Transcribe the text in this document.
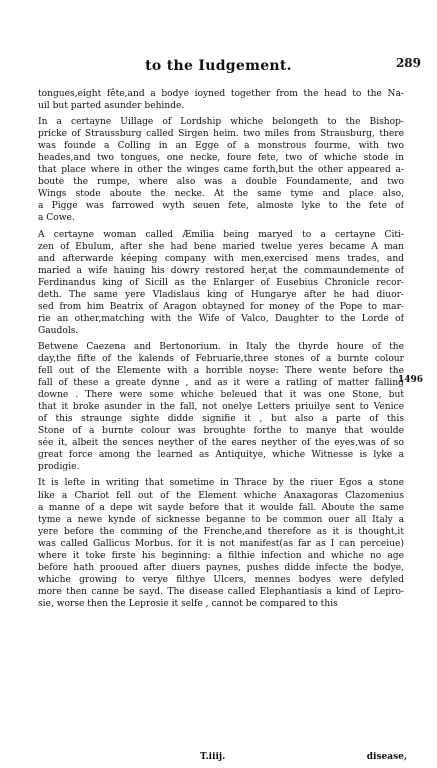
to the Iudgement.	289
tongues,eight fête,and a bodye ioyned together from the head to the Na-
uil but parted asunder behinde.
In a certayne Uillage of Lordship whiche belongeth to the Bishop-
pricke of Straussburg called Sirgen heim. two miles from Strausburg, there
was founde a Colling in an Egge of a monstrous fourme, with two
heades,and two tongues, one necke, foure fete, two of whiche stode in
that place where in other the winges came forth,but the other appeared a-
boute the rumpe, where also was a double Foundamente, and two
Wings stode aboute the necke. At the same tyme and place also,
a Pigge was farrowed wyth seuen fete, almoste lyke to the fete of
a Cowe.
A certayne woman called Æmilia being maryed to a certayne Citi-
zen of Ebulum, after she had bene maried twelue yeres became A man
and afterwarde kéeping company with men,exercised mens trades, and
maried a wife hauing his dowry restored her,at the commaundemente of
Ferdinandus king of Sicill as the Enlarger of Eusebius Chronicle recor-
deth. The same yere Vladislaus king of Hungarye after he had diuor-
sed from him Beatrix of Aragon obtayned for money of the Pope to mar-
rie an other,matching with the Wife of Valco, Daughter to the Lorde of
Gaudols.
Betwene Caezena and Bertonorium. in Italy the thyrde houre of the
day,the fifte of the kalends of Februarie,three stones of a burnte colour
fell out of the Elemente with a horrible noyse: There wente before the
fall of these a greate dynne , and as it were a ratling of matter falling
downe . There were some whiche beleued that it was one Stone, but
that it broke asunder in the fall, not onelye Letters priuilye sent to Venice
of this straunge sighte didde signifie it , but also a parte of this
Stone of a burnte colour was broughte forthe to manye that woulde
sée it, albeit the sences neyther of the eares neyther of the eyes,was of so
great force among the learned as Antiquitye, whiche Witnesse is lyke a
prodigie.
It is lefte in writing that sometime in Thrace by the riuer Egos a stone
like a Chariot fell out of the Element whiche Anaxagoras Clazomenius
a manne of a depe wit sayde before that it woulde fall. Aboute the same
tyme a newe kynde of sicknesse beganne to be common ouer all Italy a
yere before the comming of the Frenche,and therefore as it is thought,it
was called Gallicus Morbus. for it is not manifest(as far as I can perceiue)
where it toke firste his beginning: a filthie infection and whiche no age
before hath prooued after diuers paynes, pushes didde infecte the bodye,
whiche growing to verye filthye Ulcers, mennes bodyes were defyled
more then canne be sayd. The disease called Elephantiasis a kind of Lepro-
sie, worse then the Leprosie it selfe , cannot be compared to this
1496
T.iiij.	disease,
